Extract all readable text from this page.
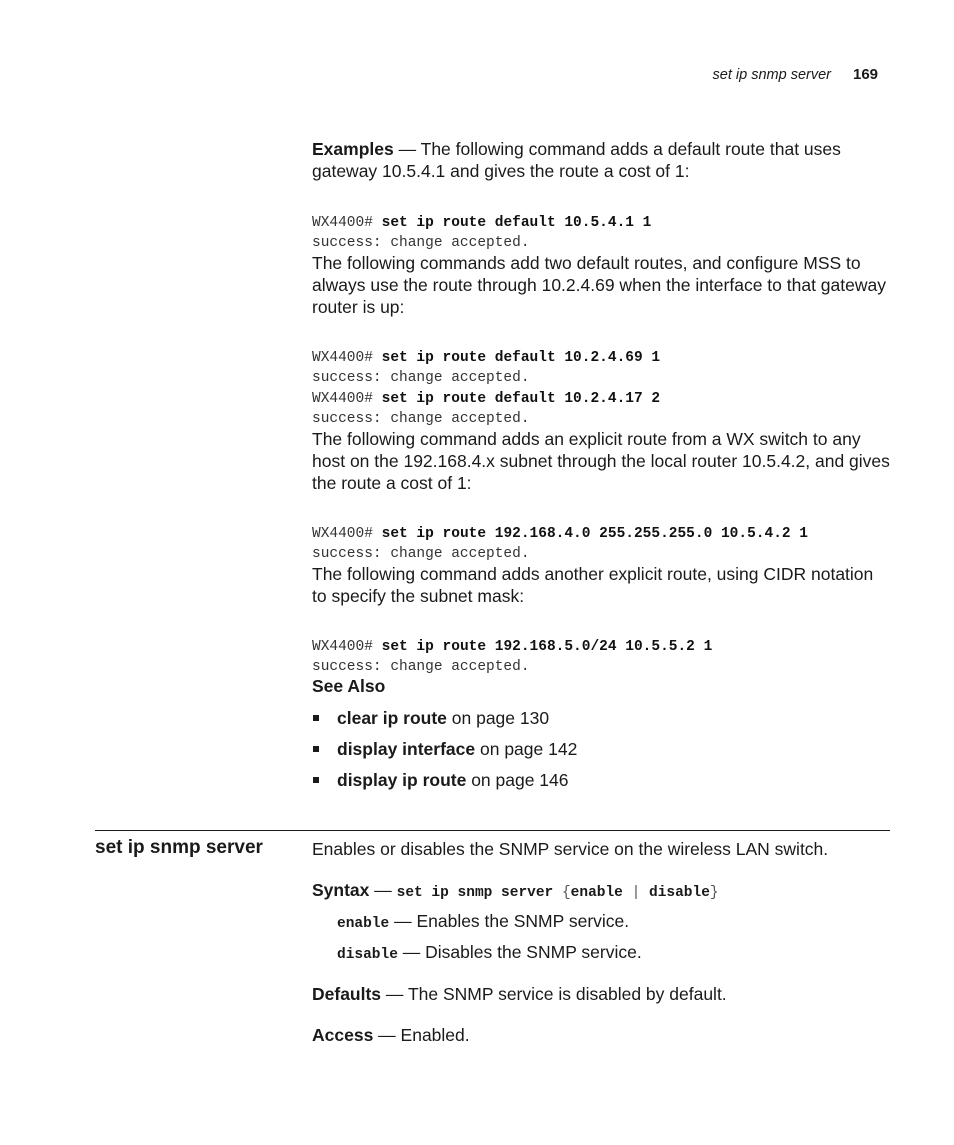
set ip snmp server 169

Examples — The following command adds a default route that uses gateway 10.5.4.1 and gives the route a cost of 1:

WX4400# set ip route default 10.5.4.1 1
success: change accepted.

The following commands add two default routes, and configure MSS to always use the route through 10.2.4.69 when the interface to that gateway router is up:

WX4400# set ip route default 10.2.4.69 1
success: change accepted.
WX4400# set ip route default 10.2.4.17 2
success: change accepted.

The following command adds an explicit route from a WX switch to any host on the 192.168.4.x subnet through the local router 10.5.4.2, and gives the route a cost of 1:

WX4400# set ip route 192.168.4.0 255.255.255.0 10.5.4.2 1
success: change accepted.

The following command adds another explicit route, using CIDR notation to specify the subnet mask:

WX4400# set ip route 192.168.5.0/24 10.5.5.2 1
success: change accepted.

See Also
clear ip route on page 130
display interface on page 142
display ip route on page 146
set ip snmp server	Enables or disables the SNMP service on the wireless LAN switch.

Syntax — set ip snmp server {enable | disable}

enable — Enables the SNMP service.

disable — Disables the SNMP service.

Defaults — The SNMP service is disabled by default.

Access — Enabled.
